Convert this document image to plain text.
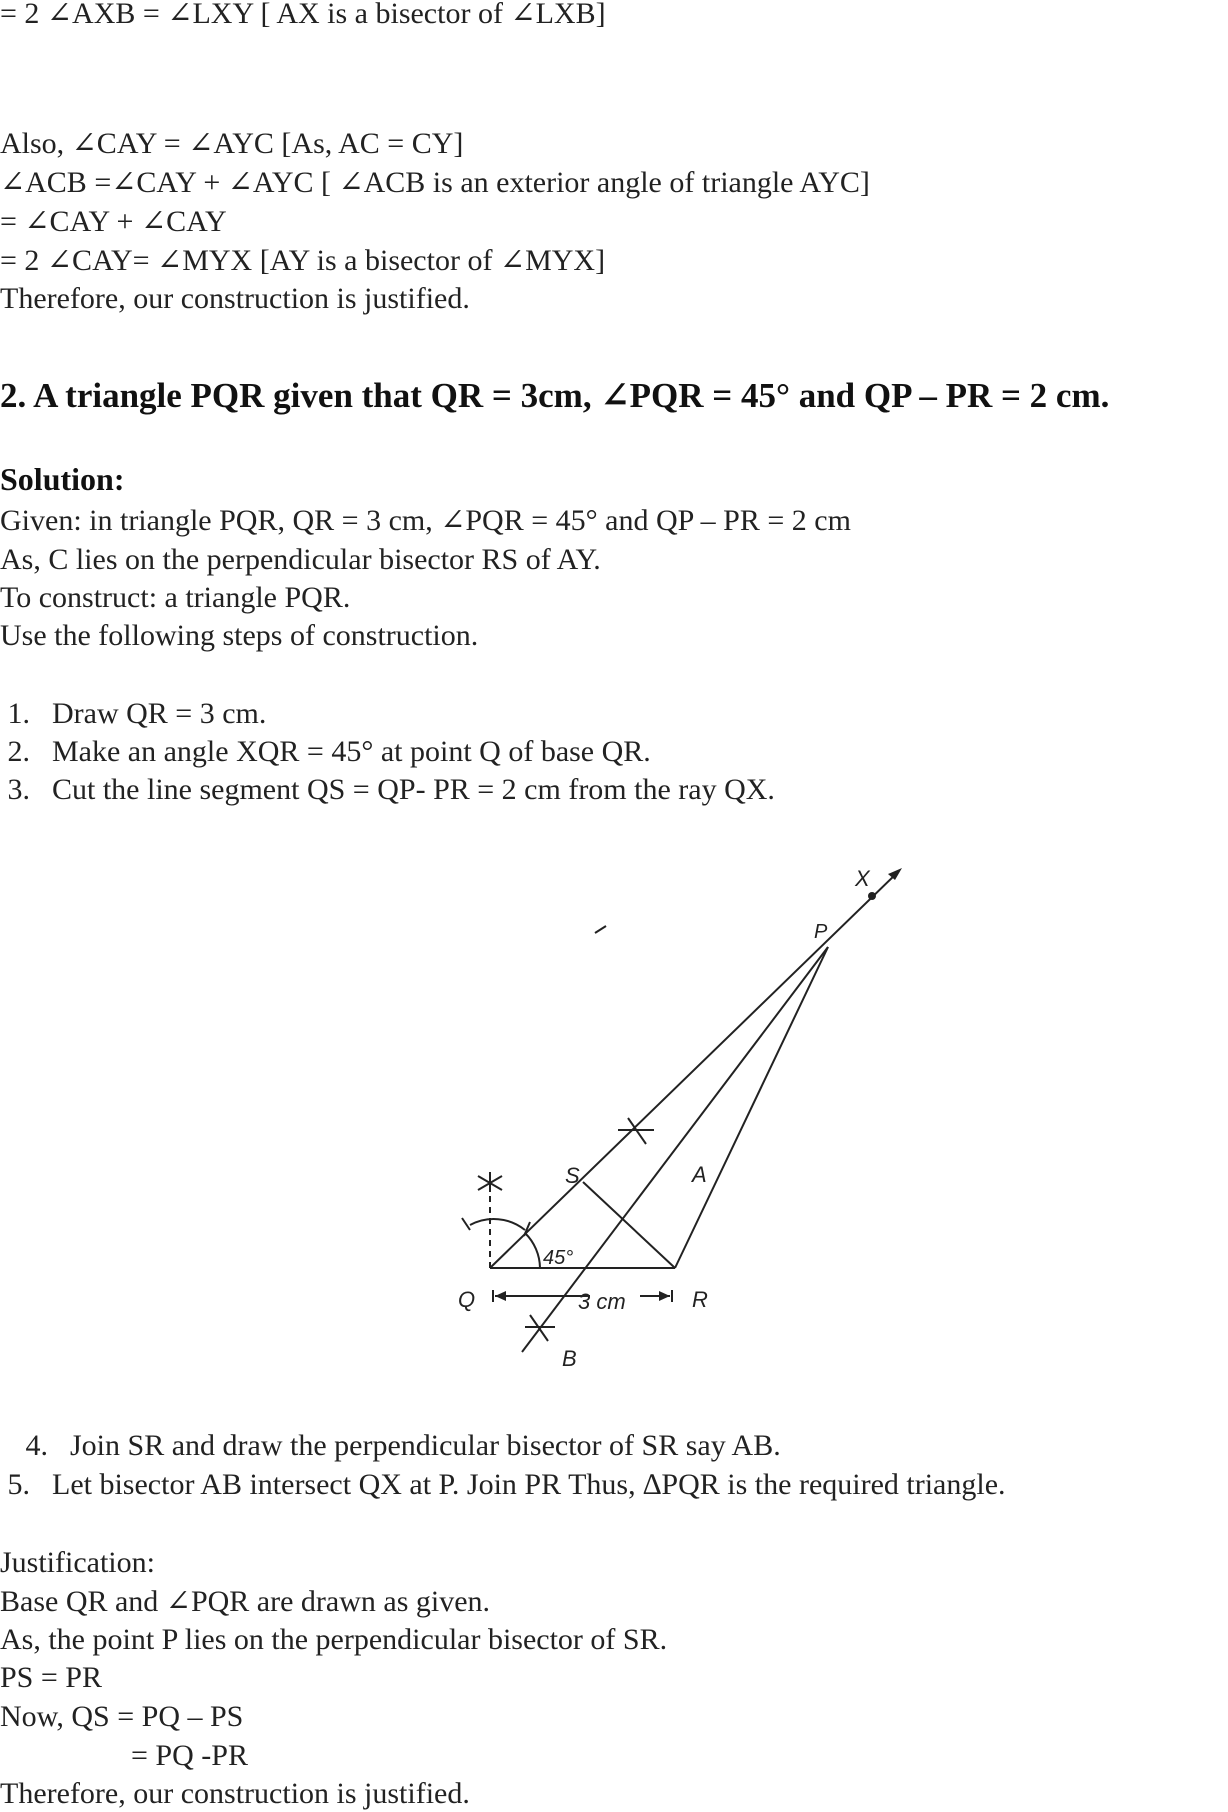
= 2 ∠AXB = ∠LXY [ AX is a bisector of ∠LXB]
Also, ∠CAY = ∠AYC [As, AC = CY]
∠ACB =∠CAY + ∠AYC [ ∠ACB is an exterior angle of triangle AYC]
= ∠CAY + ∠CAY
= 2 ∠CAY= ∠MYX [AY is a bisector of ∠MYX]
Therefore, our construction is justified.
2. A triangle PQR given that QR = 3cm, ∠PQR = 45° and QP – PR = 2 cm.
Solution:
Given: in triangle PQR, QR = 3 cm, ∠PQR = 45° and QP – PR = 2 cm
As, C lies on the perpendicular bisector RS of AY.
To construct: a triangle PQR.
Use the following steps of construction.
1. Draw QR = 3 cm.
2. Make an angle XQR = 45° at point Q of base QR.
3. Cut the line segment QS = QP- PR = 2 cm from the ray QX.
X
P
S	A
Q	R
B
45°
3 cm
4. Join SR and draw the perpendicular bisector of SR say AB.
5. Let bisector AB intersect QX at P. Join PR Thus, ∆PQR is the required triangle.
Justification:
Base QR and ∠PQR are drawn as given.
As, the point P lies on the perpendicular bisector of SR.
PS = PR
Now, QS = PQ – PS
= PQ -PR
Therefore, our construction is justified.
